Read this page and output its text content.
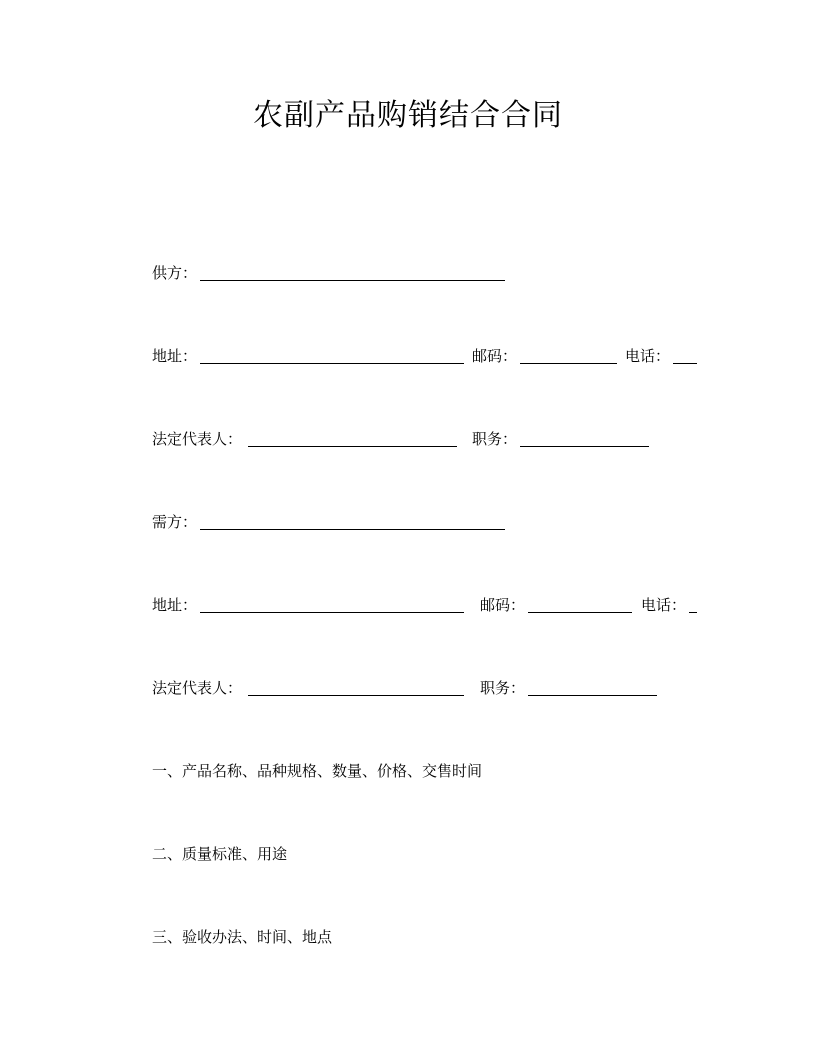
农副产品购销结合合同
供方：
地址：	邮码：	电话：
法定代表人：	职务：
需方：
地址：	邮码：	电话：
法定代表人：	职务：
一、产品名称、品种规格、数量、价格、交售时间
二、质量标准、用途
三、验收办法、时间、地点
